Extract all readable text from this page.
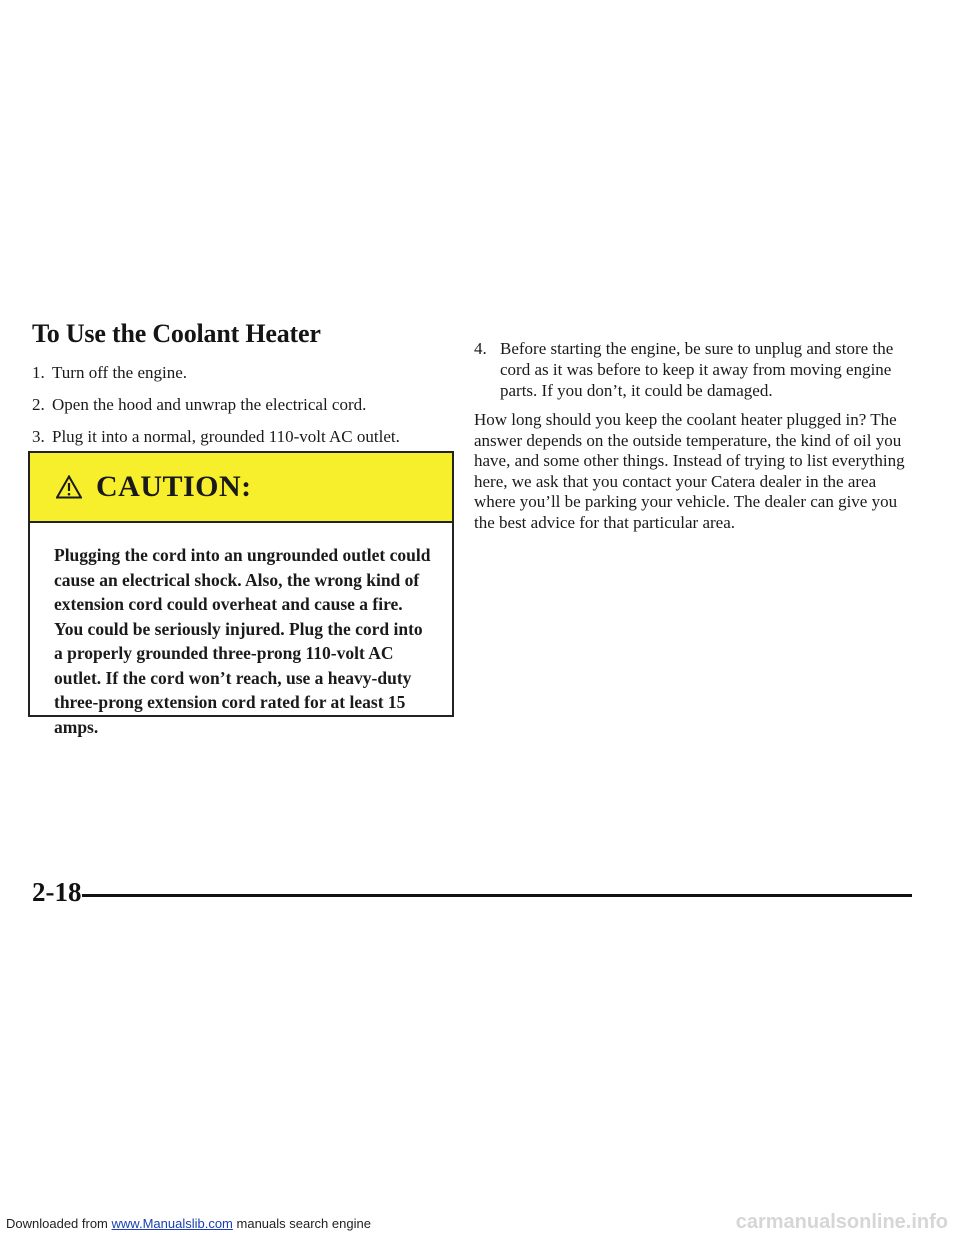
To Use the Coolant Heater
1. Turn off the engine.
2. Open the hood and unwrap the electrical cord.
3. Plug it into a normal, grounded 110-volt AC outlet.
CAUTION:

Plugging the cord into an ungrounded outlet could cause an electrical shock. Also, the wrong kind of extension cord could overheat and cause a fire. You could be seriously injured. Plug the cord into a properly grounded three-prong 110-volt AC outlet. If the cord won’t reach, use a heavy-duty three-prong extension cord rated for at least 15 amps.

4. Before starting the engine, be sure to unplug and store the cord as it was before to keep it away from moving engine parts. If you don’t, it could be damaged.

How long should you keep the coolant heater plugged in? The answer depends on the outside temperature, the kind of oil you have, and some other things. Instead of trying to list everything here, we ask that you contact your Catera dealer in the area where you’ll be parking your vehicle. The dealer can give you the best advice for that particular area.

2-18
Downloaded from www.Manualslib.com manuals search engine	carmanualsonline.info
